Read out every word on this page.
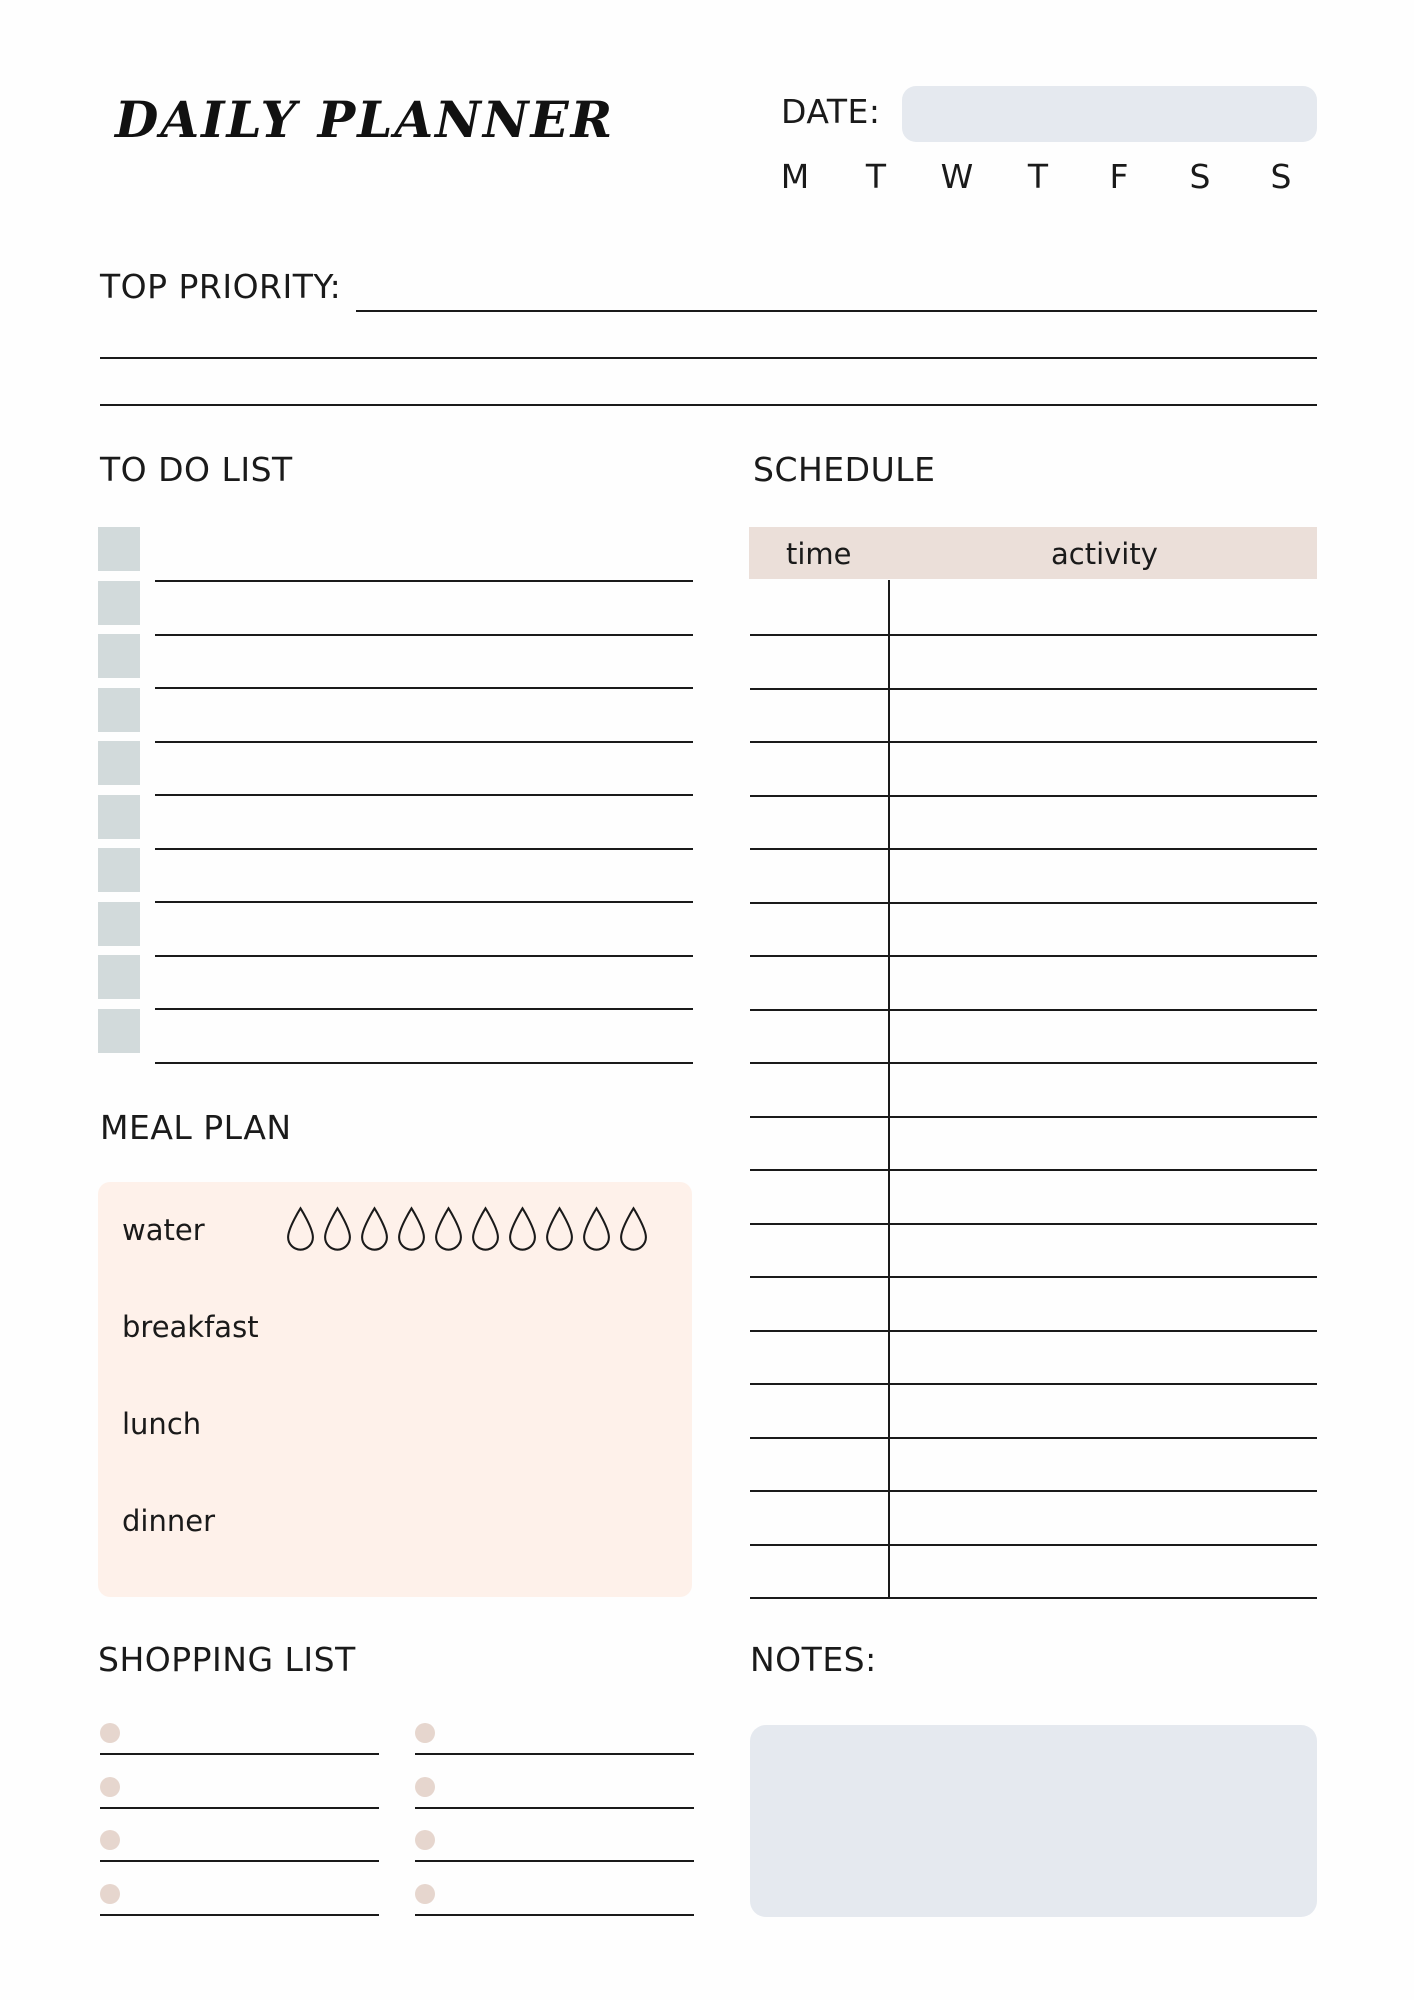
DAILY PLANNER	DATE:
M	T	W	T	F	S	S
TOP PRIORITY:
TO DO LIST	SCHEDULE
time	activity
MEAL PLAN
water
breakfast
lunch
dinner
SHOPPING LIST	NOTES:
